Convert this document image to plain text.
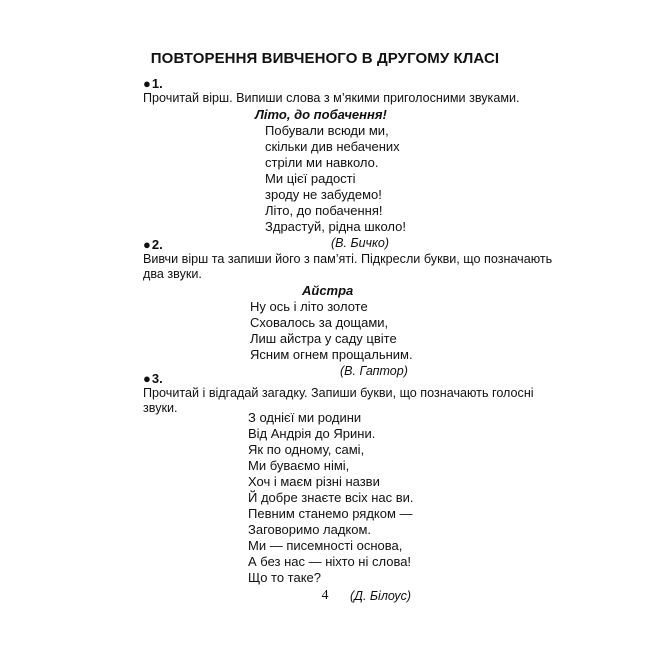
ПОВТОРЕННЯ ВИВЧЕНОГО В ДРУГОМУ КЛАСІ
●1.
Прочитай вірш. Випиши слова з м’якими приголосними звуками.
Літо, до побачення!
Побували всюди ми,
скільки див небачених
стріли ми навколо.
Ми цієї радості
зроду не забудемо!
Літо, до побачення!
Здрастуй, рідна школо!
(В. Бичко)
●2.
Вивчи вірш та запиши його з пам’яті. Підкресли букви, що позначають
два звуки.
Айстра
Ну ось і літо золоте
Сховалось за дощами,
Лиш айстра у саду цвіте
Ясним огнем прощальним.
(В. Гаптор)
●3.
Прочитай і відгадай загадку. Запиши букви, що позначають голосні
звуки.
З однієї ми родини
Від Андрія до Ярини.
Як по одному, самі,
Ми буваємо німі,
Хоч і маєм різні назви
Й добре знаєте всіх нас ви.
Певним станемо рядком —
Заговоримо ладком.
Ми — писемності основа,
А без нас — ніхто ні слова!
Що то таке?
(Д. Білоус)
4
